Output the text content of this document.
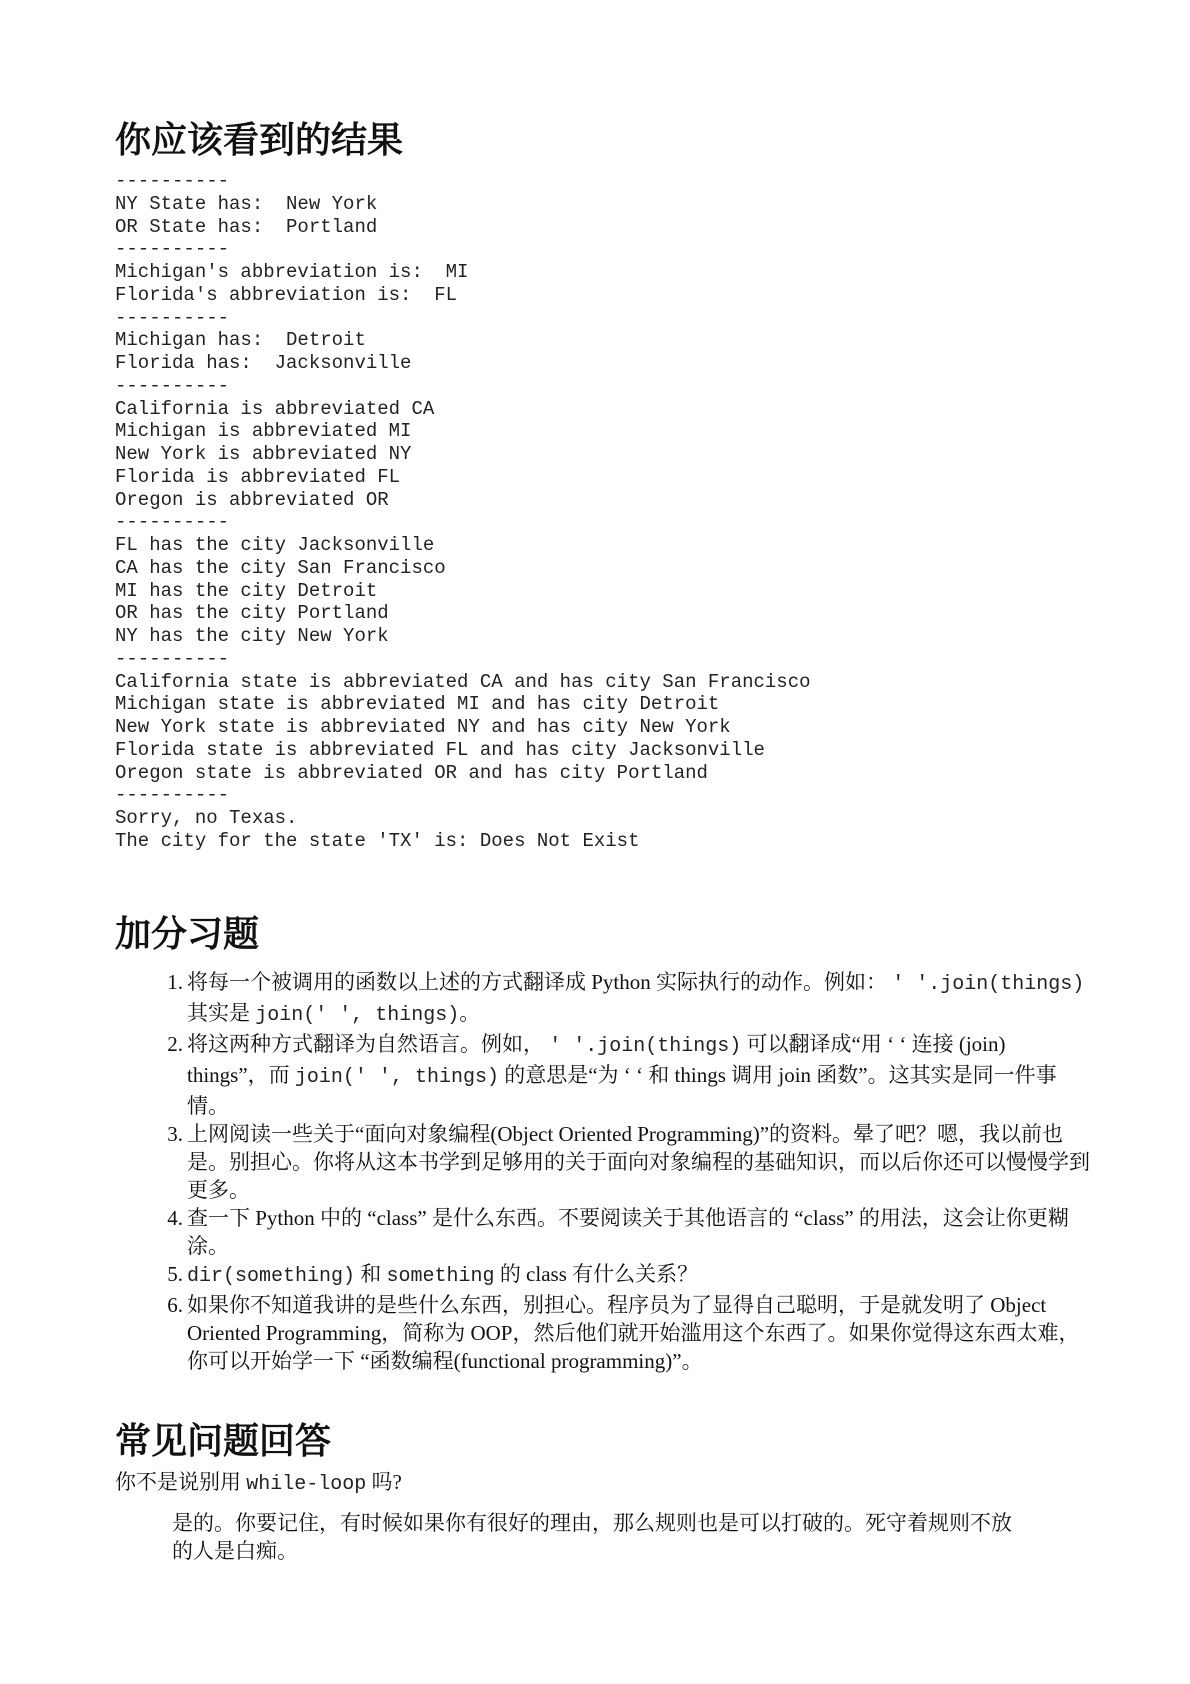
你应该看到的结果
----------
NY State has:  New York
OR State has:  Portland
----------
Michigan's abbreviation is:  MI
Florida's abbreviation is:  FL
----------
Michigan has:  Detroit
Florida has:  Jacksonville
----------
California is abbreviated CA
Michigan is abbreviated MI
New York is abbreviated NY
Florida is abbreviated FL
Oregon is abbreviated OR
----------
FL has the city Jacksonville
CA has the city San Francisco
MI has the city Detroit
OR has the city Portland
NY has the city New York
----------
California state is abbreviated CA and has city San Francisco
Michigan state is abbreviated MI and has city Detroit
New York state is abbreviated NY and has city New York
Florida state is abbreviated FL and has city Jacksonville
Oregon state is abbreviated OR and has city Portland
----------
Sorry, no Texas.
The city for the state 'TX' is: Does Not Exist
加分习题
1. 将每一个被调用的函数以上述的方式翻译成 Python 实际执行的动作。例如： ' '.join(things) 其实是 join(' ', things)。
2. 将这两种方式翻译为自然语言。例如， ' '.join(things) 可以翻译成“用 ‘ ‘ 连接 (join) things”，而 join(' ', things) 的意思是“为 ‘ ‘ 和 things 调用 join 函数”。这其实是同一件事情。
3. 上网阅读一些关于“面向对象编程(Object Oriented Programming)”的资料。晕了吧？嗯，我以前也是。别担心。你将从这本书学到足够用的关于面向对象编程的基础知识，而以后你还可以慢慢学到更多。
4. 查一下 Python 中的 “class” 是什么东西。不要阅读关于其他语言的 “class” 的用法，这会让你更糊涂。
5. dir(something) 和 something 的 class 有什么关系？
6. 如果你不知道我讲的是些什么东西，别担心。程序员为了显得自己聪明，于是就发明了 Object Oriented Programming，简称为 OOP，然后他们就开始滥用这个东西了。如果你觉得这东西太难，你可以开始学一下 “函数编程(functional programming)”。
常见问题回答

你不是说别用 while-loop 吗?

是的。你要记住，有时候如果你有很好的理由，那么规则也是可以打破的。死守着规则不放的人是白痴。
